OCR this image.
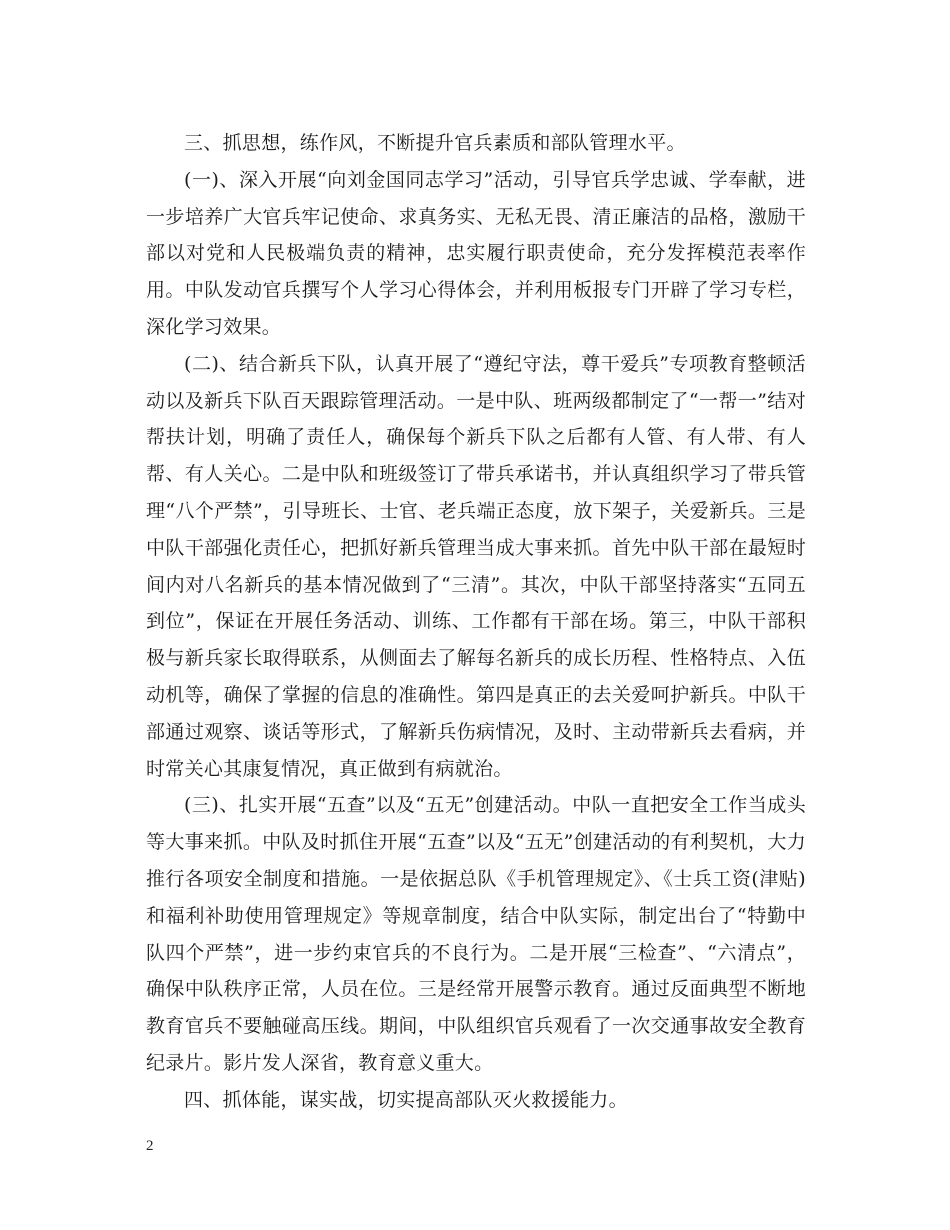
三、抓思想，练作风，不断提升官兵素质和部队管理水平。

(一)、深入开展“向刘金国同志学习”活动，引导官兵学忠诚、学奉献，进一步培养广大官兵牢记使命、求真务实、无私无畏、清正廉洁的品格，激励干部以对党和人民极端负责的精神，忠实履行职责使命，充分发挥模范表率作用。中队发动官兵撰写个人学习心得体会，并利用板报专门开辟了学习专栏，深化学习效果。

(二)、结合新兵下队，认真开展了“遵纪守法，尊干爱兵”专项教育整顿活动以及新兵下队百天跟踪管理活动。一是中队、班两级都制定了“一帮一”结对帮扶计划，明确了责任人，确保每个新兵下队之后都有人管、有人带、有人帮、有人关心。二是中队和班级签订了带兵承诺书，并认真组织学习了带兵管理“八个严禁”，引导班长、士官、老兵端正态度，放下架子，关爱新兵。三是中队干部强化责任心，把抓好新兵管理当成大事来抓。首先中队干部在最短时间内对八名新兵的基本情况做到了“三清”。其次，中队干部坚持落实“五同五到位”，保证在开展任务活动、训练、工作都有干部在场。第三，中队干部积极与新兵家长取得联系，从侧面去了解每名新兵的成长历程、性格特点、入伍动机等，确保了掌握的信息的准确性。第四是真正的去关爱呵护新兵。中队干部通过观察、谈话等形式，了解新兵伤病情况，及时、主动带新兵去看病，并时常关心其康复情况，真正做到有病就治。

(三)、扎实开展“五查”以及“五无”创建活动。中队一直把安全工作当成头等大事来抓。中队及时抓住开展“五查”以及“五无”创建活动的有利契机，大力推行各项安全制度和措施。一是依据总队《手机管理规定》、《士兵工资(津贴)和福利补助使用管理规定》等规章制度，结合中队实际，制定出台了“特勤中队四个严禁”，进一步约束官兵的不良行为。二是开展“三检查”、“六清点”，确保中队秩序正常，人员在位。三是经常开展警示教育。通过反面典型不断地教育官兵不要触碰高压线。期间，中队组织官兵观看了一次交通事故安全教育纪录片。影片发人深省，教育意义重大。

四、抓体能，谋实战，切实提高部队灭火救援能力。

2
